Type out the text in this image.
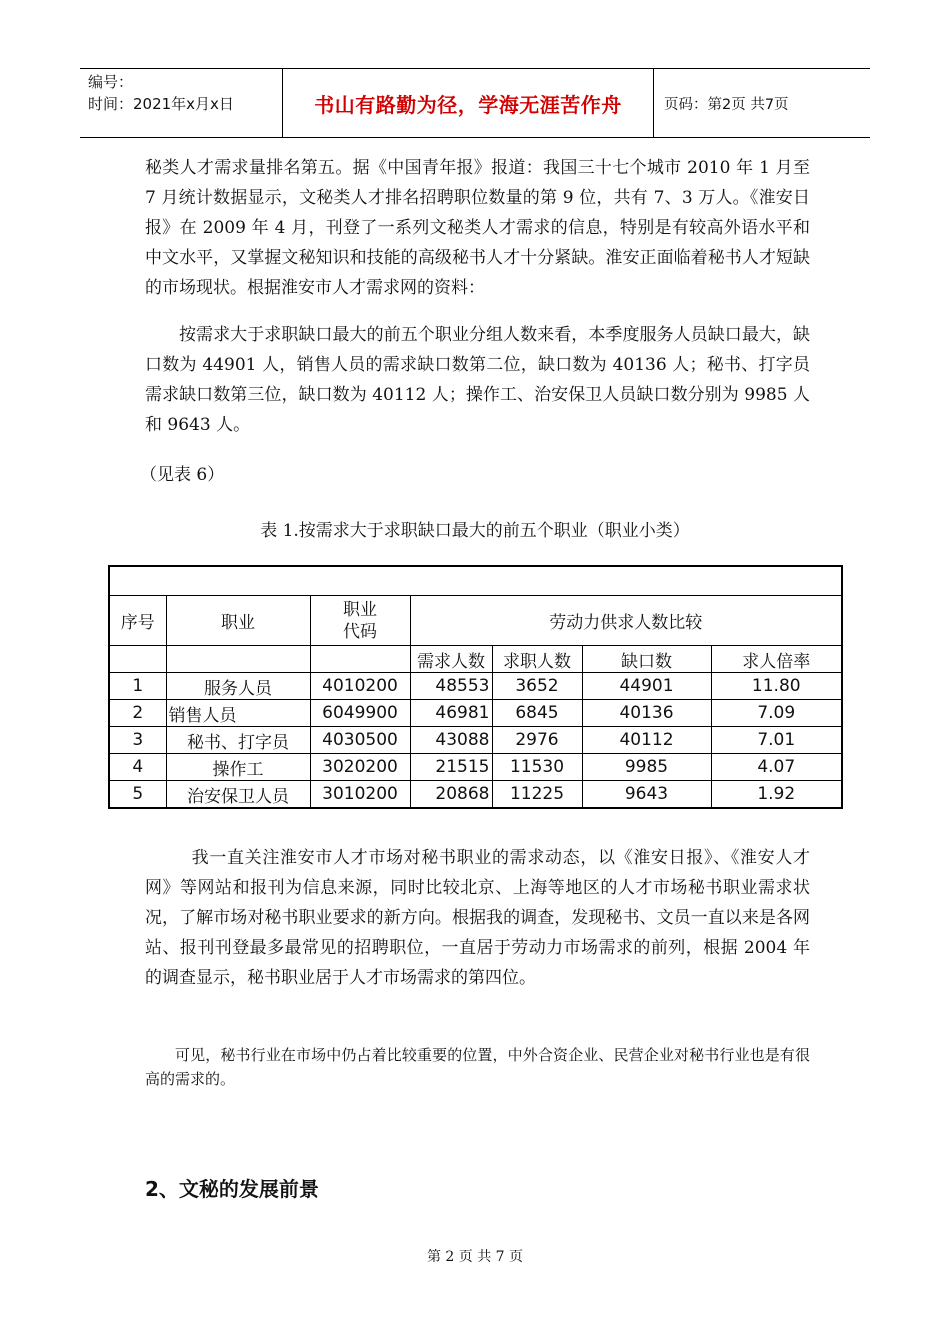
编号：
时间：2021年x月x日	书山有路勤为径，学海无涯苦作舟	页码：第2页 共7页

秘类人才需求量排名第五。据《中国青年报》报道：我国三十七个城市 2010 年 1 月至 7 月统计数据显示，文秘类人才排名招聘职位数量的第 9 位，共有 7、3 万人。《淮安日报》在 2009 年 4 月，刊登了一系列文秘类人才需求的信息，特别是有较高外语水平和中文水平，又掌握文秘知识和技能的高级秘书人才十分紧缺。淮安正面临着秘书人才短缺的市场现状。根据淮安市人才需求网的资料：

按需求大于求职缺口最大的前五个职业分组人数来看，本季度服务人员缺口最大，缺口数为 44901 人，销售人员的需求缺口数第二位，缺口数为 40136 人；秘书、打字员需求缺口数第三位，缺口数为 40112 人；操作工、治安保卫人员缺口数分别为 9985 人和 9643 人。

（见表 6）

表 1.按需求大于求职缺口最大的前五个职业（职业小类）

序号	职业	职业代码	劳动力供求人数比较			
			需求人数	求职人数	缺口数	求人倍率
1	服务人员	4010200	48553	3652	44901	11.80
2	销售人员	6049900	46981	6845	40136	7.09
3	秘书、打字员	4030500	43088	2976	40112	7.01
4	操作工	3020200	21515	11530	9985	4.07
5	治安保卫人员	3010200	20868	11225	9643	1.92

我一直关注淮安市人才市场对秘书职业的需求动态，以《淮安日报》、《淮安人才网》等网站和报刊为信息来源，同时比较北京、上海等地区的人才市场秘书职业需求状况，了解市场对秘书职业要求的新方向。根据我的调查，发现秘书、文员一直以来是各网站、报刊刊登最多最常见的招聘职位，一直居于劳动力市场需求的前列，根据 2004 年的调查显示，秘书职业居于人才市场需求的第四位。

可见，秘书行业在市场中仍占着比较重要的位置，中外合资企业、民营企业对秘书行业也是有很高的需求的。

2、文秘的发展前景
第 2 页 共 7 页
